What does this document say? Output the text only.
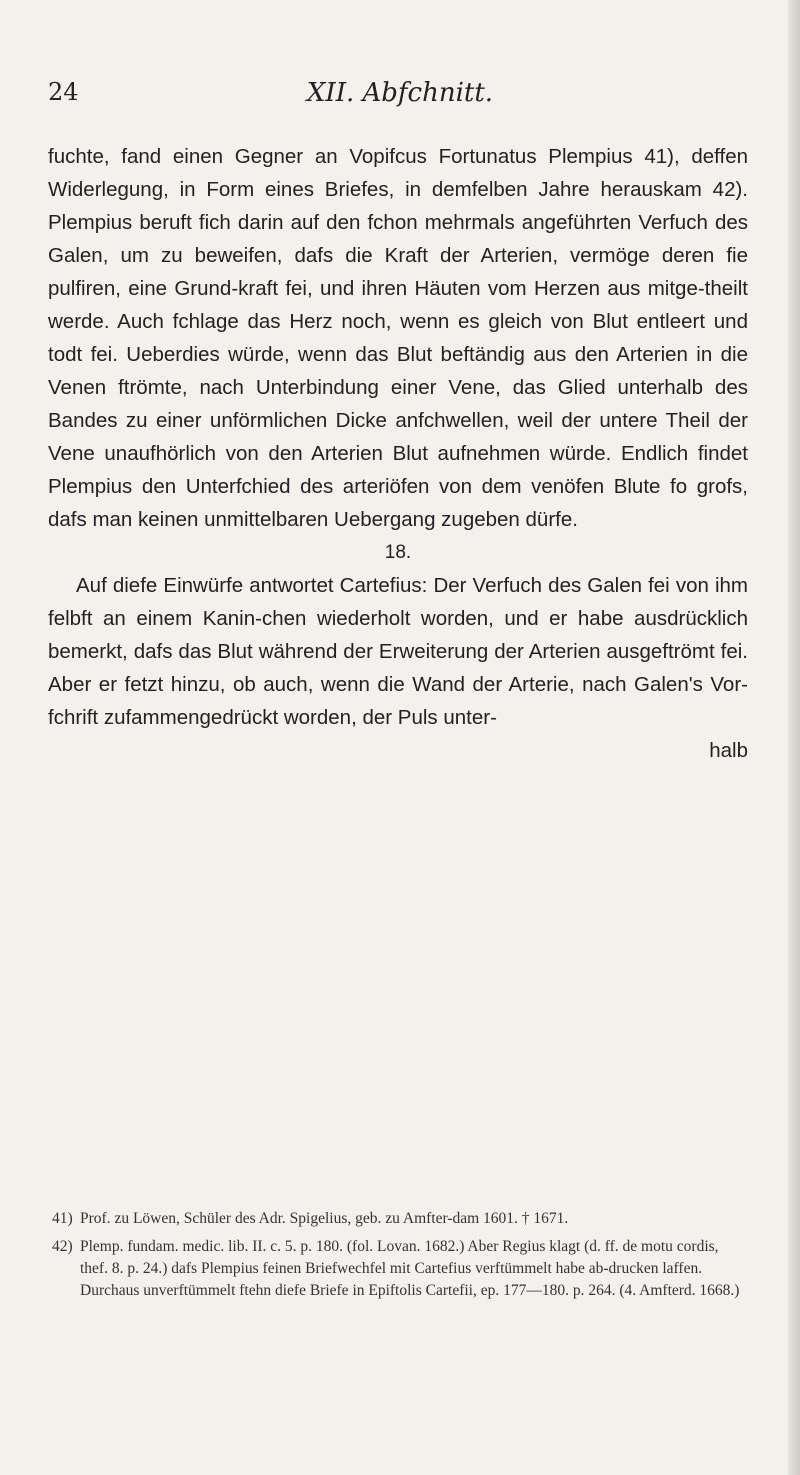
24	XII. Abfchnitt.

fuchte, fand einen Gegner an Vopifcus Fortunatus Plempius 41), deffen Widerlegung, in Form eines Briefes, in demfelben Jahre herauskam 42). Plempius beruft fich darin auf den fchon mehrmals angeführten Verfuch des Galen, um zu beweifen, dafs die Kraft der Arterien, vermöge deren fie pulfiren, eine Grund-kraft fei, und ihren Häuten vom Herzen aus mitge-theilt werde. Auch fchlage das Herz noch, wenn es gleich von Blut entleert und todt fei. Ueberdies würde, wenn das Blut beftändig aus den Arterien in die Venen ftrömte, nach Unterbindung einer Vene, das Glied unterhalb des Bandes zu einer unförmlichen Dicke anfchwellen, weil der untere Theil der Vene unaufhörlich von den Arterien Blut aufnehmen würde. Endlich findet Plempius den Unterfchied des arteriöfen von dem venöfen Blute fo grofs, dafs man keinen unmittelbaren Uebergang zugeben dürfe.

18.

Auf diefe Einwürfe antwortet Cartefius: Der Verfuch des Galen fei von ihm felbft an einem Kanin-chen wiederholt worden, und er habe ausdrücklich bemerkt, dafs das Blut während der Erweiterung der Arterien ausgeftrömt fei. Aber er fetzt hinzu, ob auch, wenn die Wand der Arterie, nach Galen's Vor-fchrift zufammengedrückt worden, der Puls unter-

halb

41) Prof. zu Löwen, Schüler des Adr. Spigelius, geb. zu Amfter-dam 1601. † 1671.

42) Plemp. fundam. medic. lib. II. c. 5. p. 180. (fol. Lovan. 1682.) Aber Regius klagt (d. ff. de motu cordis, thef. 8. p. 24.) dafs Plempius feinen Briefwechfel mit Cartefius verftümmelt habe ab-drucken laffen. Durchaus unverftümmelt ftehn diefe Briefe in Epiftolis Cartefii, ep. 177—180. p. 264. (4. Amfterd. 1668.)
